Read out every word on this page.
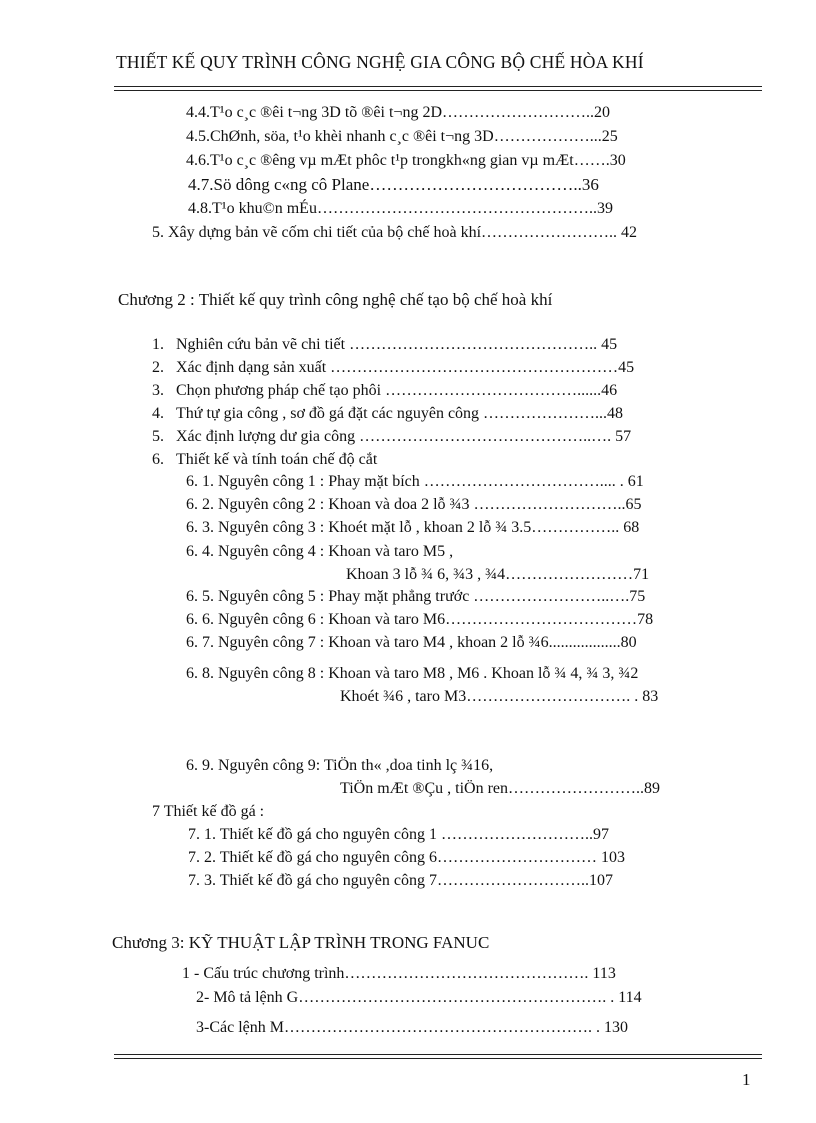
THIẾT KẾ QUY TRÌNH CÔNG NGHỆ GIA CÔNG BỘ CHẾ HÒA KHÍ
4.4.T¹o c¸c ®êi t¬ng 3D tõ ®êi t¬ng 2D………………………..20
4.5.ChØnh, söa, t¹o khèi nhanh c¸c ®êi t¬ng 3D………………...25
4.6.T¹o c¸c ®êng vµ mÆt phôc t¹p trongkh«ng gian vµ mÆt…….30
4.7.Sö dông c«ng cô Plane………………………………..36
4.8.T¹o khu©n mÉu……………………………………………..39
5. Xây dựng bản vẽ cốm chi tiết của bộ chế hoà khí…………………….. 42
Chương 2 : Thiết kế quy trình công nghệ chế tạo bộ chế hoà khí
1. Nghiên cứu bản vẽ chi tiết ……………………………………….. 45
2. Xác định dạng sản xuất ………………………………………………45
3. Chọn phương pháp chế tạo phôi ………………………………......46
4. Thứ tự gia công , sơ đồ gá đặt các nguyên công …………………...48
5. Xác định lượng dư gia công ……………………………………..…. 57
6. Thiết kế và tính toán chế độ cắt
6. 1. Nguyên công 1 : Phay mặt bích …………………………….... . 61
6. 2. Nguyên công 2 : Khoan và doa 2 lỗ ¾3 ………………………..65
6. 3. Nguyên công 3 : Khoét mặt lỗ , khoan 2 lỗ ¾ 3.5…………….. 68
6. 4. Nguyên công 4 : Khoan và taro M5 ,
Khoan 3 lỗ ¾ 6, ¾3 , ¾4……………………71
6. 5. Nguyên công 5 : Phay mặt phẳng trước ……………………..….75
6. 6. Nguyên công 6 : Khoan và taro M6………………………………78
6. 7. Nguyên công 7 : Khoan và taro M4 , khoan 2 lỗ ¾6..................80
6. 8. Nguyên công 8 : Khoan và taro M8 , M6 . Khoan lỗ ¾ 4, ¾ 3, ¾2
Khoét ¾6 , taro M3…………………………. . 83
6. 9. Nguyên công 9: TiÖn th« ,doa tinh lç ¾16,
TiÖn mÆt ®Çu , tiÖn ren……………………..89
7 Thiết kế đồ gá :
7. 1. Thiết kế đồ gá cho nguyên công 1 ………………………..97
7. 2. Thiết kế đồ gá cho nguyên công 6………………………… 103
7. 3. Thiết kế đồ gá cho nguyên công 7………………………..107
Chương 3: KỸ THUẬT LẬP TRÌNH TRONG FANUC
1 - Cấu trúc chương trình………………………………………. 113
2- Mô tả lệnh G…………………………………………………. . 114
3-Các lệnh M…………………………………………………. . 130
1
